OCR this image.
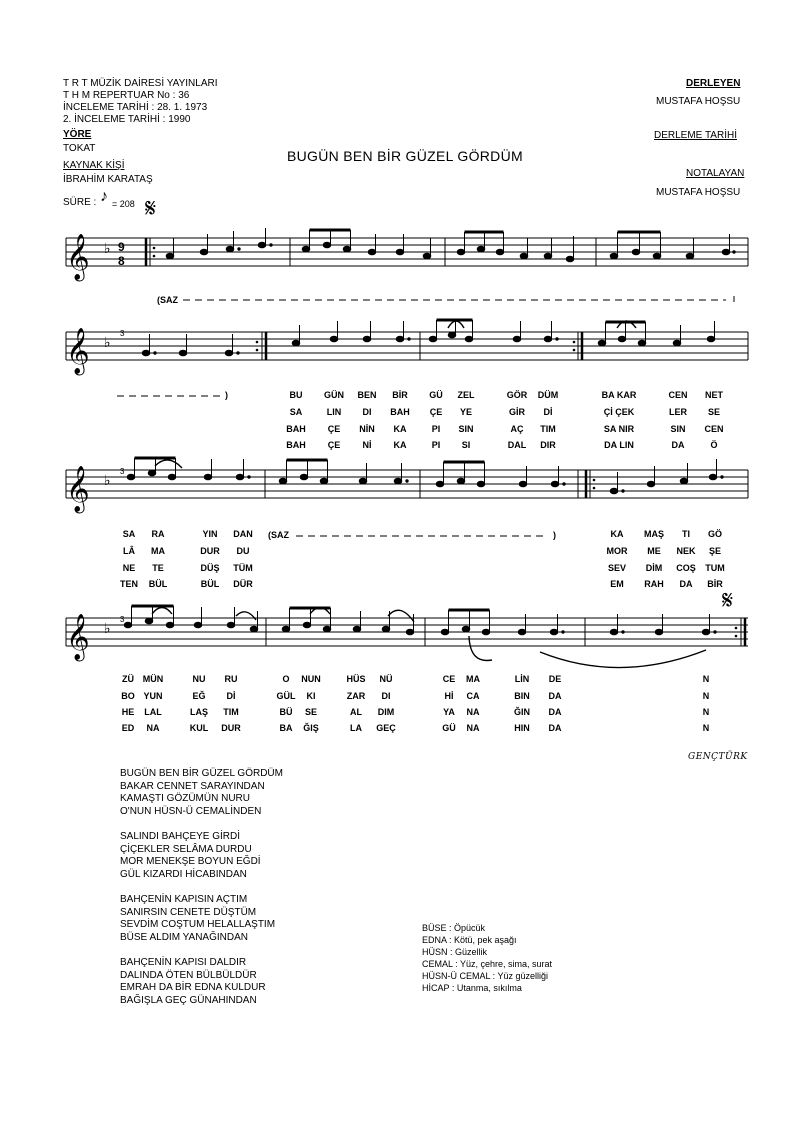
T R T MÜZİK DAİRESİ YAYINLARI
T H M REPERTUAR No : 36
İNCELEME TARİHİ : 28. 1. 1973
2. İNCELEME TARİHİ : 1990
YÖRE
TOKAT
KAYNAK KİŞİ
İBRAHİM KARATAŞ
SÜRE : ♪ = 208 𝄋
DERLEYEN
MUSTAFA HOŞSU
DERLEME TARİHİ
NOTALAYAN
MUSTAFA HOŞSU
BUGÜN BEN BİR GÜZEL GÖRDÜM
𝄞 ♭ 9
8
(SAZ
𝄞 ♭
3
)	BU GÜN BEN BİR GÜ ZEL	GÖR DÜM	BA KAR	CEN NET
SA	LIN DI BAH ÇE YE	GİR Dİ	Çİ ÇEK	LER SE
BAH ÇE NİN KA	PI SIN	AÇ TIM	SA NIR	SIN CEN
BAH ÇE Nİ KA	PI SI	DAL DIR	DA LIN	DA	Ö
𝄞 ♭
3
SA RA	YIN DAN	KA MAŞ TI GÖ
LÂ MA	DUR DU	MOR ME NEK ŞE
NE TE	DÜŞ TÜM	SEV DİM COŞ TUM
TEN BÜL	BÜL DÜR	EM RAH DA BİR
(SAZ	)
𝄋
𝄞 ♭
3
ZÜ MÜN	NU RU	O NUN	HÜS NÜ	CE MA	LİN DE	N
BO YUN	EĞ Dİ	GÜL KI	ZAR DI	Hİ CA	BIN DA	N
HE LAL	LAŞ TIM	BÜ SE	AL DIM	YA NA	ĞIN DA	N
ED NA	KUL DUR	BA ĞIŞ	LA GEÇ	GÜ NA	HIN DA	N
GENÇTÜRK
BUGÜN BEN BİR GÜZEL GÖRDÜM
BAKAR CENNET SARAYINDAN
KAMAŞTI GÖZÜMÜN NURU
O'NUN HÜSN-Ü CEMALİNDEN
SALINDI BAHÇEYE GİRDİ
ÇİÇEKLER SELÂMA DURDU
MOR MENEKŞE BOYUN EĞDİ
GÜL KIZARDI HİCABINDAN
BAHÇENİN KAPISIN AÇTIM
SANIRSIN CENETE DÜŞTÜM
SEVDİM COŞTUM HELALLAŞTIM
BÜSE ALDIM YANAĞINDAN
BAHÇENİN KAPISI DALDIR
DALINDA ÖTEN BÜLBÜLDÜR
EMRAH DA BİR EDNA KULDUR
BAĞIŞLA GEÇ GÜNAHINDAN
BÜSE : Öpücük
EDNA : Kötü, pek aşağı
HÜSN : Güzellik
CEMAL : Yüz, çehre, sima, surat
HÜSN-Ü CEMAL : Yüz güzelliği
HİCAP : Utanma, sıkılma
